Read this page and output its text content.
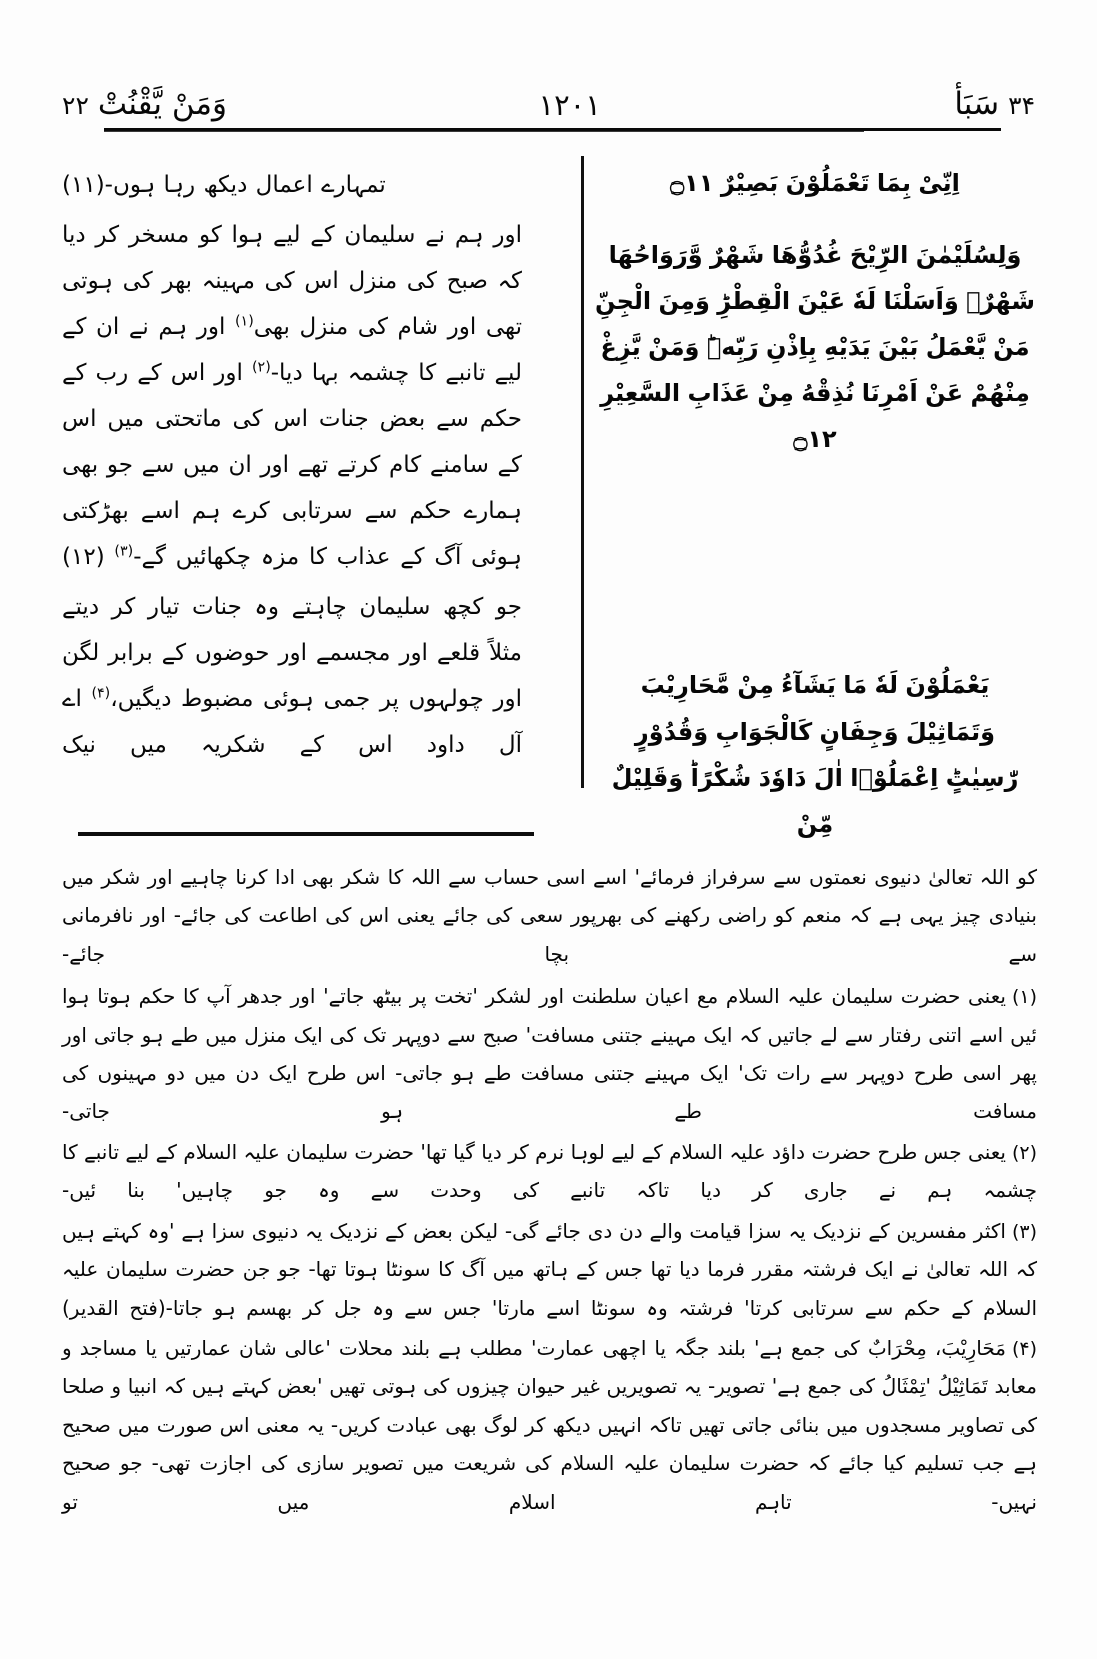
۳۴
سَبَأ
۱۲۰۱
وَمَنْ يَّقْنُتْ
۲۲
اِنِّىْ بِمَا تَعْمَلُوْنَ بَصِيْرٌ ۝۱۱
وَلِسُلَيْمٰنَ الرِّيْحَ غُدُوُّهَا شَهْرٌ وَّرَوَاحُهَا شَهْرٌ‌ۚ وَاَسَلْنَا لَهٗ عَيْنَ الْقِطْرِ‌ؕ وَمِنَ الْجِنِّ مَنْ يَّعْمَلُ بَيْنَ يَدَيْهِ بِاِذْنِ رَبِّهٖ‌ؕ وَمَنْ يَّزِغْ مِنْهُمْ عَنْ اَمْرِنَا نُذِقْهُ مِنْ عَذَابِ السَّعِيْرِ ۝۱۲
يَعْمَلُوْنَ لَهٗ مَا يَشَآءُ مِنْ مَّحَارِيْبَ وَتَمَاثِيْلَ وَجِفَانٍ كَالْجَوَابِ وَقُدُوْرٍ رّٰسِيٰتٍ‌ؕ اِعْمَلُوْۤا اٰلَ دَاوٗدَ شُكْرًا‌ؕ وَقَلِيْلٌ مِّنْ
تمہارے اعمال دیکھ رہا ہوں-(۱۱)
اور ہم نے سلیمان کے لیے ہوا کو مسخر کر دیا کہ صبح کی منزل اس کی مہینہ بھر کی ہوتی تھی اور شام کی منزل بھی$^{(۱)}$ اور ہم نے ان کے لیے تانبے کا چشمہ بہا دیا-$^{(۲)}$ اور اس کے رب کے حکم سے بعض جنات اس کی ماتحتی میں اس کے سامنے کام کرتے تھے اور ان میں سے جو بھی ہمارے حکم سے سرتابی کرے ہم اسے بھڑکتی ہوئی آگ کے عذاب کا مزہ چکھائیں گے-$^{(۳)}$ (۱۲)
جو کچھ سلیمان چاہتے وہ جنات تیار کر دیتے مثلاً قلعے اور مجسمے اور حوضوں کے برابر لگن اور چولہوں پر جمی ہوئی مضبوط دیگیں،$^{(۴)}$ اے آل داود اس کے شکریہ میں نیک

کو اللہ تعالیٰ دنیوی نعمتوں سے سرفراز فرمائے' اسے اسی حساب سے اللہ کا شکر بھی ادا کرنا چاہیے اور شکر میں بنیادی چیز یہی ہے کہ منعم کو راضی رکھنے کی بھرپور سعی کی جائے یعنی اس کی اطاعت کی جائے- اور نافرمانی سے بچا جائے-

(۱)یعنی حضرت سلیمان علیہ السلام مع اعیان سلطنت اور لشکر 'تخت پر بیٹھ جاتے' اور جدھر آپ کا حکم ہوتا ہوا ئیں اسے اتنی رفتار سے لے جاتیں کہ ایک مہینے جتنی مسافت' صبح سے دوپہر تک کی ایک منزل میں طے ہو جاتی اور پھر اسی طرح دوپہر سے رات تک' ایک مہینے جتنی مسافت طے ہو جاتی- اس طرح ایک دن میں دو مہینوں کی مسافت طے ہو جاتی-

(۲)یعنی جس طرح حضرت داؤد علیہ السلام کے لیے لوہا نرم کر دیا گیا تھا' حضرت سلیمان علیہ السلام کے لیے تانبے کا چشمہ ہم نے جاری کر دیا تاکہ تانبے کی وحدت سے وہ جو چاہیں' بنا ئیں-

(۳)اکثر مفسرین کے نزدیک یہ سزا قیامت والے دن دی جائے گی- لیکن بعض کے نزدیک یہ دنیوی سزا ہے 'وہ کہتے ہیں کہ اللہ تعالیٰ نے ایک فرشتہ مقرر فرما دیا تھا جس کے ہاتھ میں آگ کا سونٹا ہوتا تھا- جو جن حضرت سلیمان علیہ السلام کے حکم سے سرتابی کرتا' فرشتہ وہ سونٹا اسے مارتا' جس سے وہ جل کر بھسم ہو جاتا-(فتح القدیر)

(۴)مَحَارِیْبَ، مِحْرَابٌ کی جمع ہے' بلند جگہ یا اچھی عمارت' مطلب ہے بلند محلات 'عالی شان عمارتیں یا مساجد و معابد تَمَاثِیْلُ 'تِمْثَالُ کی جمع ہے' تصویر- یہ تصویریں غیر حیوان چیزوں کی ہوتی تھیں 'بعض کہتے ہیں کہ انبیا و صلحا کی تصاویر مسجدوں میں بنائی جاتی تھیں تاکہ انہیں دیکھ کر لوگ بھی عبادت کریں- یہ معنی اس صورت میں صحیح ہے جب تسلیم کیا جائے کہ حضرت سلیمان علیہ السلام کی شریعت میں تصویر سازی کی اجازت تھی- جو صحیح نہیں- تاہم اسلام میں تو
